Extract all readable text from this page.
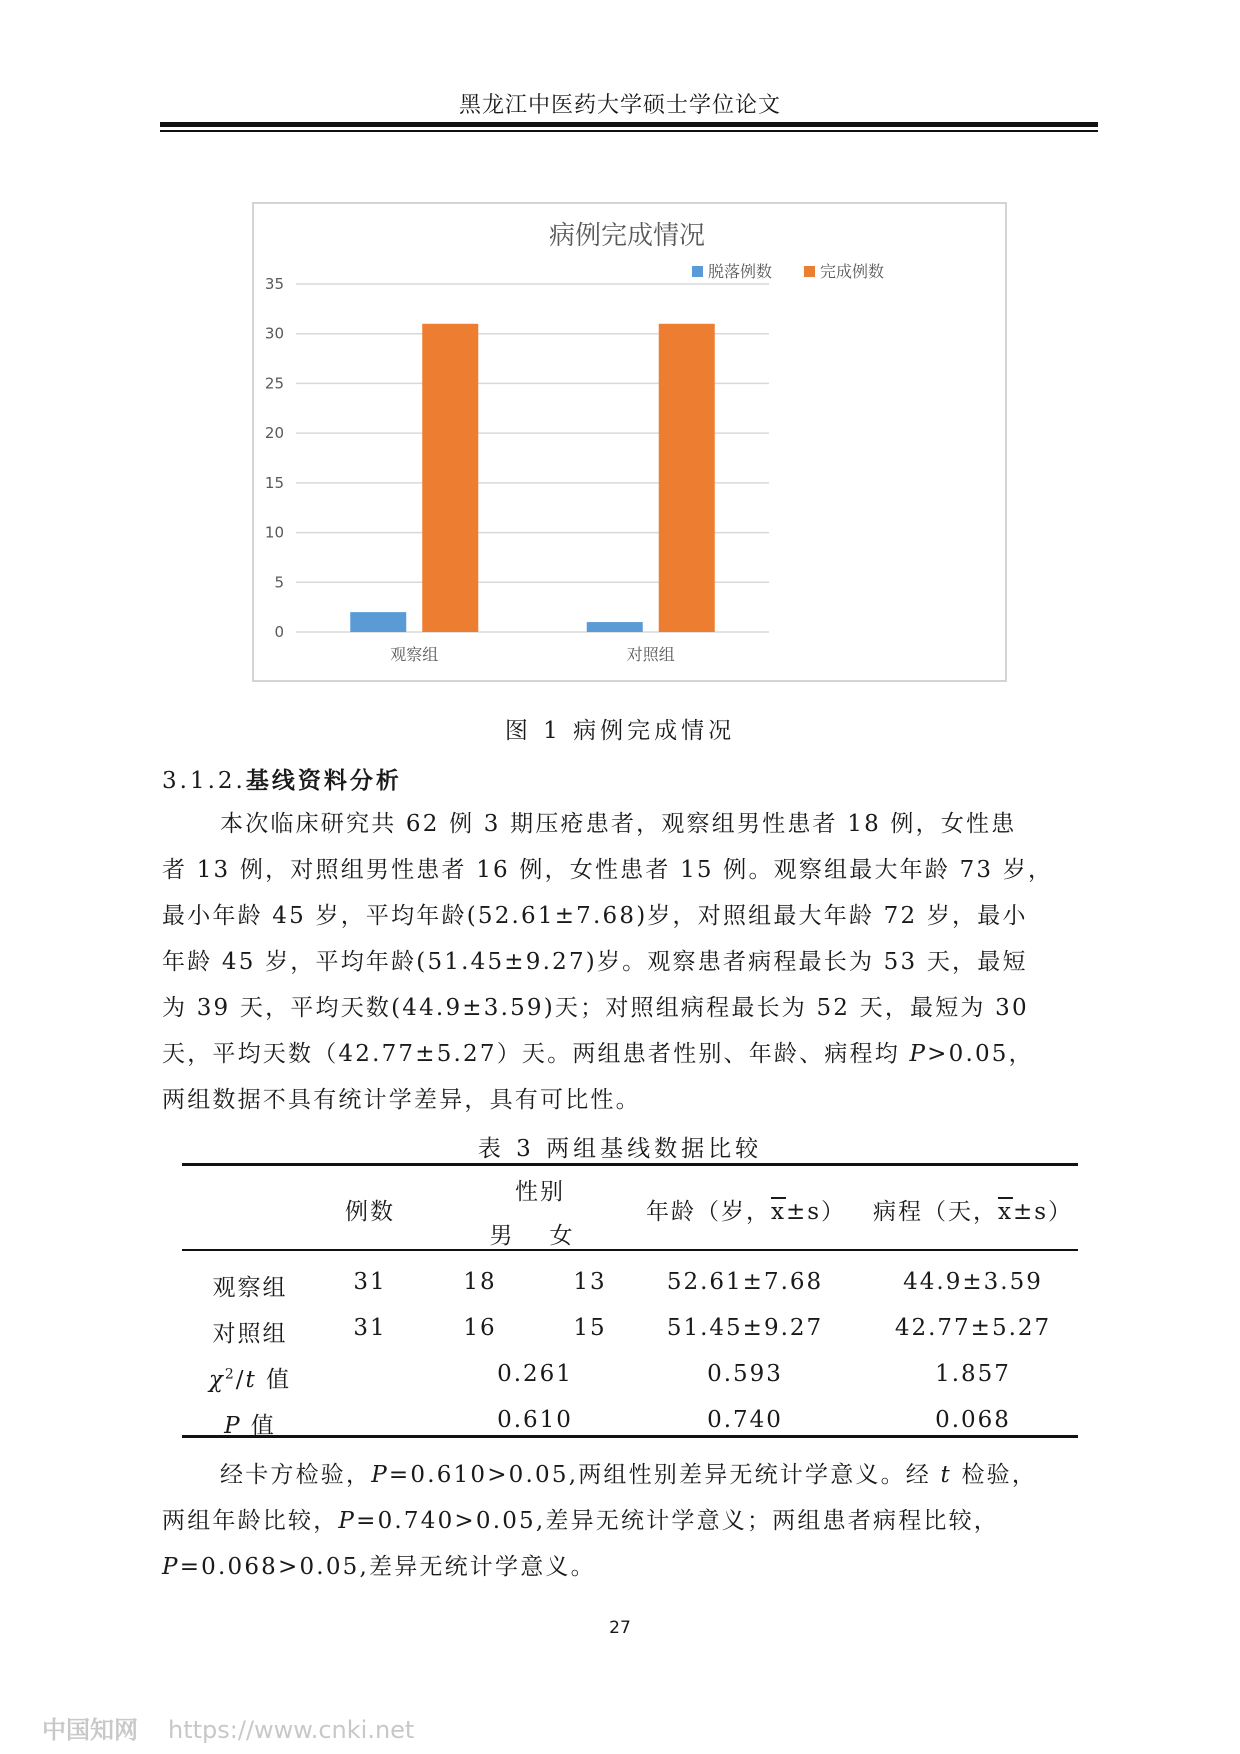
黑龙江中医药大学硕士学位论文
病例完成情况
0
5
10
15
20
25
30
35
观察组	对照组
脱落例数	完成例数
图 1 病例完成情况
3.1.2.基线资料分析

本次临床研究共 62 例 3 期压疮患者，观察组男性患者 18 例，女性患

者 13 例，对照组男性患者 16 例，女性患者 15 例。观察组最大年龄 73 岁，

最小年龄 45 岁，平均年龄(52.61±7.68)岁，对照组最大年龄 72 岁，最小

年龄 45 岁，平均年龄(51.45±9.27)岁。观察患者病程最长为 53 天，最短

为 39 天，平均天数(44.9±3.59)天；对照组病程最长为 52 天，最短为 30

天，平均天数（42.77±5.27）天。两组患者性别、年龄、病程均 P>0.05，

两组数据不具有统计学差异，具有可比性。

表 3 两组基线数据比较
例数
性别
男	女
年龄（岁，$\overline{x}\pm s$）	病程（天，$\overline{x}\pm s$）
观察组	31	18	13	52.61±7.68	44.9±3.59
对照组	31	16	15	51.45±9.27	42.77±5.27
$\chi^2/t$ 值	0.261	0.593	1.857
P 值	0.610	0.740	0.068

经卡方检验，P=0.610>0.05,两组性别差异无统计学意义。经 t 检验，

两组年龄比较，P=0.740>0.05,差异无统计学意义；两组患者病程比较，

P=0.068>0.05,差异无统计学意义。

27
中国知网 https://www.cnki.net
